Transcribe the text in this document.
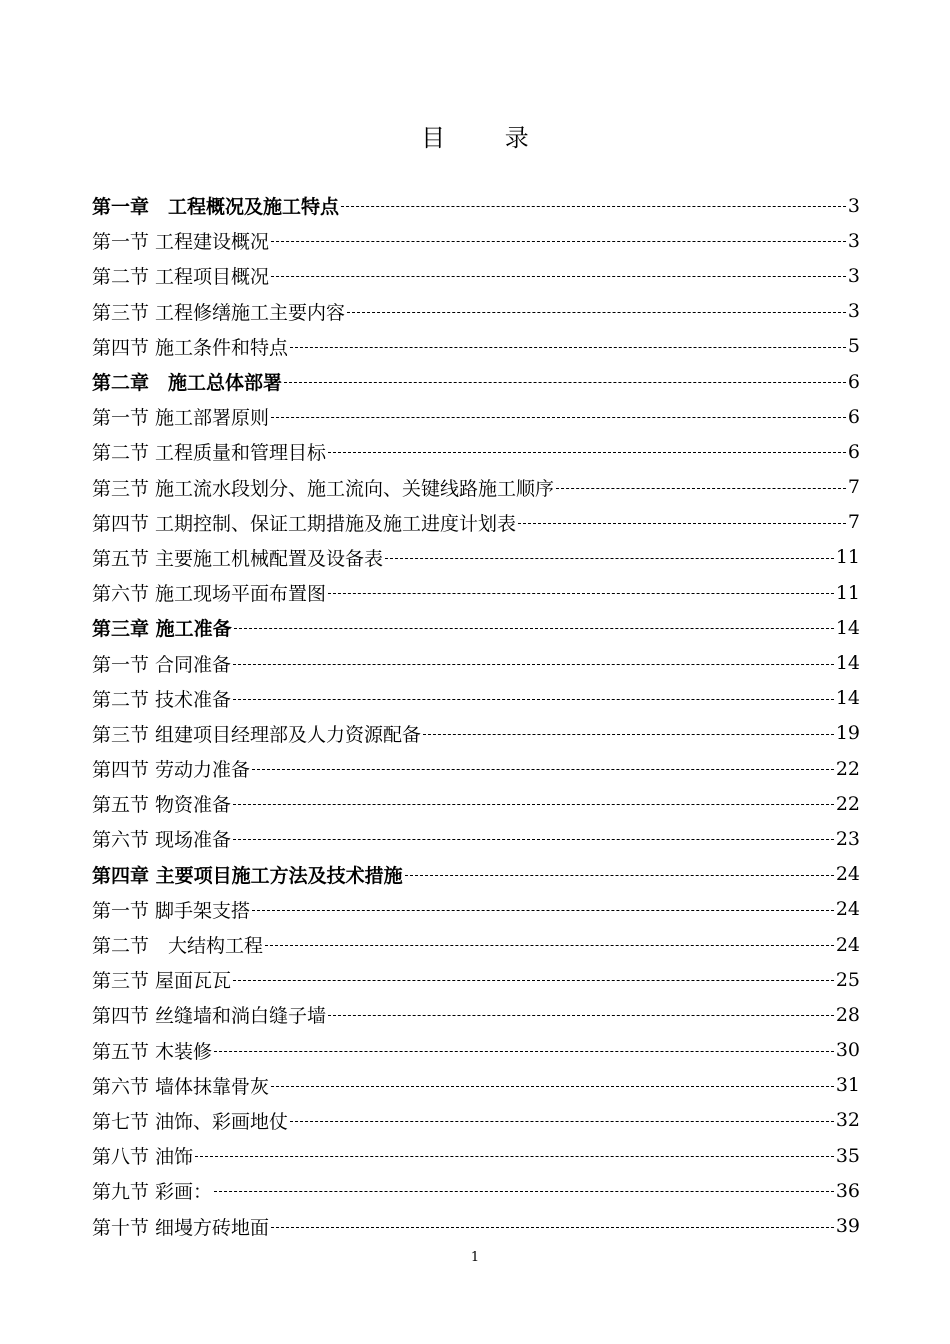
目 录
第一章　工程概况及施工特点	3
第一节 工程建设概况	3
第二节 工程项目概况	3
第三节 工程修缮施工主要内容	3
第四节 施工条件和特点	5
第二章　施工总体部署	6
第一节 施工部署原则	6
第二节 工程质量和管理目标	6
第三节 施工流水段划分、施工流向、关键线路施工顺序	7
第四节 工期控制、保证工期措施及施工进度计划表	7
第五节 主要施工机械配置及设备表	11
第六节 施工现场平面布置图	11
第三章 施工准备	14
第一节 合同准备	14
第二节 技术准备	14
第三节 组建项目经理部及人力资源配备	19
第四节 劳动力准备	22
第五节 物资准备	22
第六节 现场准备	23
第四章 主要项目施工方法及技术措施	24
第一节 脚手架支搭	24
第二节　大结构工程	24
第三节 屋面瓦瓦	25
第四节 丝缝墙和淌白缝子墙	28
第五节 木装修	30
第六节 墙体抹靠骨灰	31
第七节 油饰、彩画地仗	32
第八节 油饰	35
第九节 彩画：	36
第十节 细墁方砖地面	39
1
